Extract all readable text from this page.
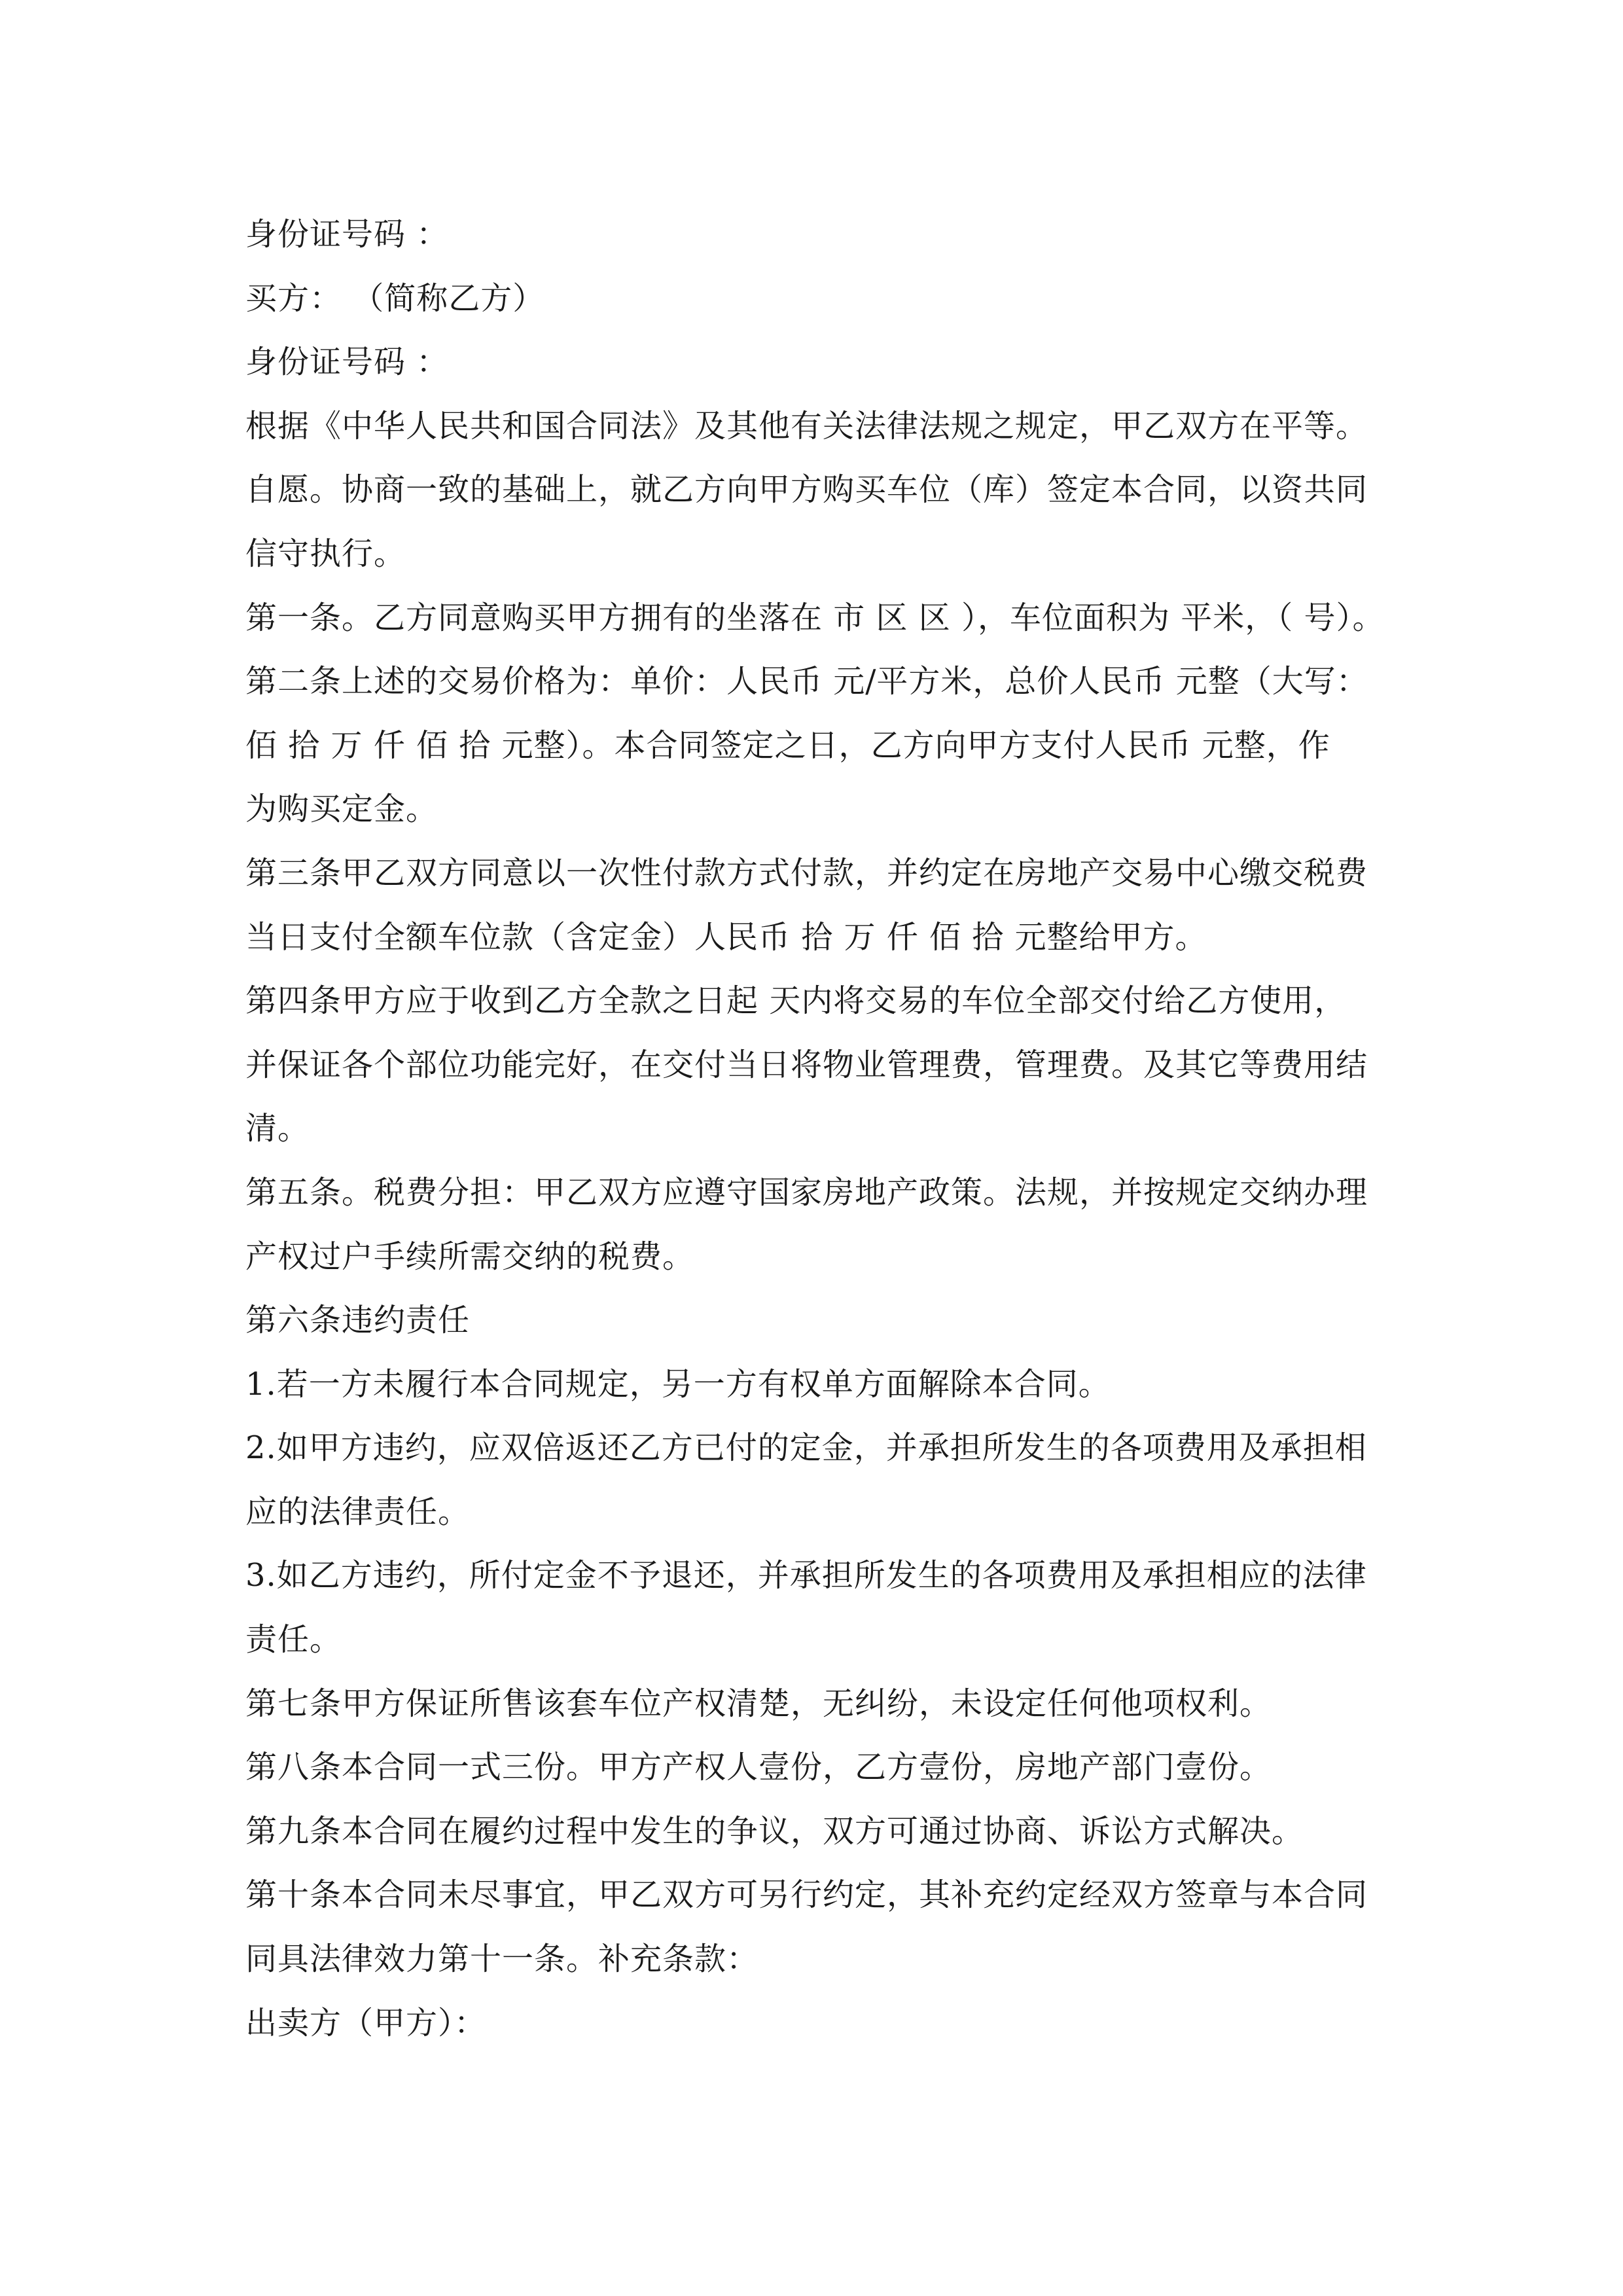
身份证号码 ：
买方： （简称乙方）
身份证号码 ：
根据《中华人民共和国合同法》及其他有关法律法规之规定，甲乙双方在平等。
自愿。协商一致的基础上，就乙方向甲方购买车位（库）签定本合同，以资共同
信守执行。
第一条。乙方同意购买甲方拥有的坐落在 市 区 区 ），车位面积为 平米，（ 号）。
第二条上述的交易价格为：单价：人民币 元/平方米，总价人民币 元整（大写：
佰 拾 万 仟 佰 拾 元整）。本合同签定之日，乙方向甲方支付人民币 元整，作
为购买定金。
第三条甲乙双方同意以一次性付款方式付款，并约定在房地产交易中心缴交税费
当日支付全额车位款（含定金）人民币 拾 万 仟 佰 拾 元整给甲方。
第四条甲方应于收到乙方全款之日起 天内将交易的车位全部交付给乙方使用，
并保证各个部位功能完好，在交付当日将物业管理费，管理费。及其它等费用结
清。
第五条。税费分担：甲乙双方应遵守国家房地产政策。法规，并按规定交纳办理
产权过户手续所需交纳的税费。
第六条违约责任
1.若一方未履行本合同规定，另一方有权单方面解除本合同。
2.如甲方违约，应双倍返还乙方已付的定金，并承担所发生的各项费用及承担相
应的法律责任。
3.如乙方违约，所付定金不予退还，并承担所发生的各项费用及承担相应的法律
责任。
第七条甲方保证所售该套车位产权清楚，无纠纷，未设定任何他项权利。
第八条本合同一式三份。甲方产权人壹份，乙方壹份，房地产部门壹份。
第九条本合同在履约过程中发生的争议，双方可通过协商、诉讼方式解决。
第十条本合同未尽事宜，甲乙双方可另行约定，其补充约定经双方签章与本合同
同具法律效力第十一条。补充条款：
出卖方（甲方）：
